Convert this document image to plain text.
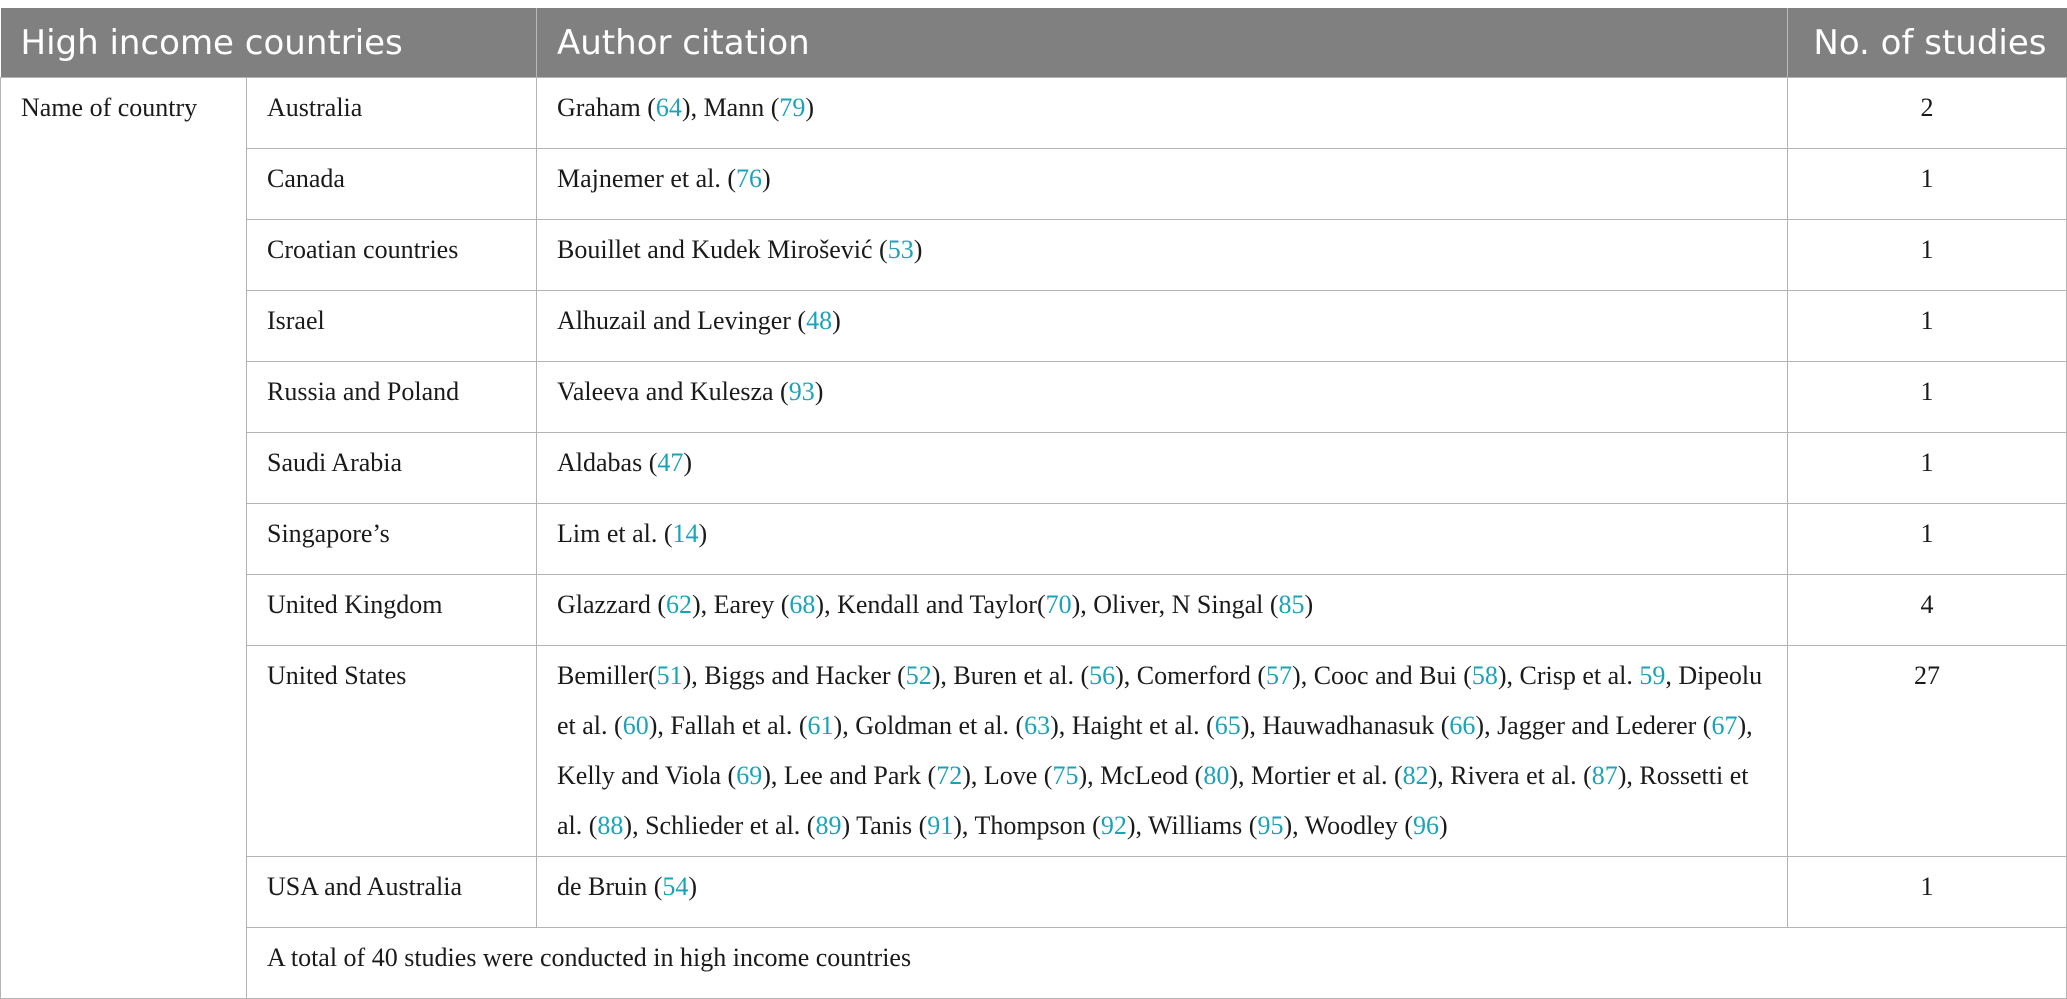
High income countries		Author citation	No. of studies
Name of country	Australia	Graham (64), Mann (79)	2
	Canada	Majnemer et al. (76)	1
	Croatian countries	Bouillet and Kudek Mirošević (53)	1
	Israel	Alhuzail and Levinger (48)	1
	Russia and Poland	Valeeva and Kulesza (93)	1
	Saudi Arabia	Aldabas (47)	1
	Singapore’s	Lim et al. (14)	1
	United Kingdom	Glazzard (62), Earey (68), Kendall and Taylor(70), Oliver, N Singal (85)	4
	United States	Bemiller(51), Biggs and Hacker (52), Buren et al. (56), Comerford (57), Cooc and Bui (58), Crisp et al. 59, Dipeolu et al. (60), Fallah et al. (61), Goldman et al. (63), Haight et al. (65), Hauwadhanasuk (66), Jagger and Lederer (67), Kelly and Viola (69), Lee and Park (72), Love (75), McLeod (80), Mortier et al. (82), Rivera et al. (87), Rossetti et al. (88), Schlieder et al. (89) Tanis (91), Thompson (92), Williams (95), Woodley (96)	27
	USA and Australia	de Bruin (54)	1
	A total of 40 studies were conducted in high income countries		
